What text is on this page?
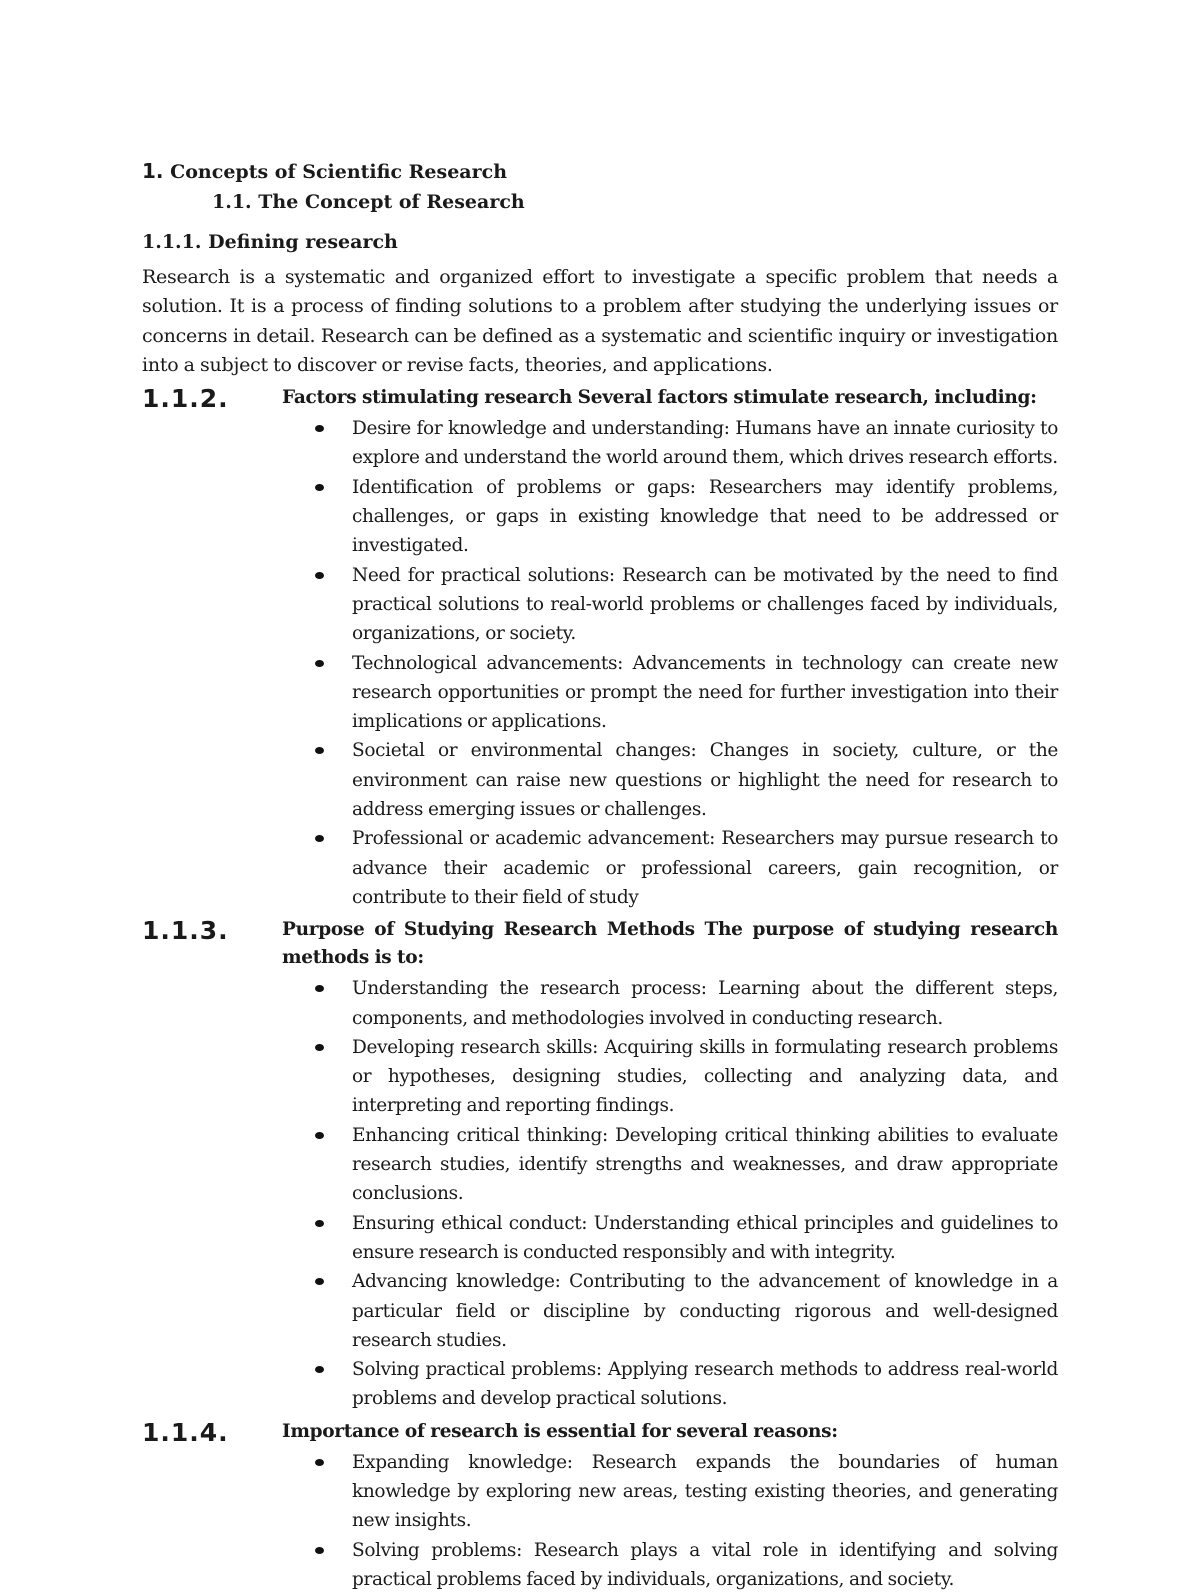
1. Concepts of Scientific Research

1.1. The Concept of Research

1.1.1. Defining research

Research is a systematic and organized effort to investigate a specific problem that needs a solution. It is a process of finding solutions to a problem after studying the underlying issues or concerns in detail. Research can be defined as a systematic and scientific inquiry or investigation into a subject to discover or revise facts, theories, and applications.

1.1.2.	Factors stimulating research Several factors stimulate research, including:
Desire for knowledge and understanding: Humans have an innate curiosity to explore and understand the world around them, which drives research efforts.
Identification of problems or gaps: Researchers may identify problems, challenges, or gaps in existing knowledge that need to be addressed or investigated.
Need for practical solutions: Research can be motivated by the need to find practical solutions to real-world problems or challenges faced by individuals, organizations, or society.
Technological advancements: Advancements in technology can create new research opportunities or prompt the need for further investigation into their implications or applications.
Societal or environmental changes: Changes in society, culture, or the environment can raise new questions or highlight the need for research to address emerging issues or challenges.
Professional or academic advancement: Researchers may pursue research to advance their academic or professional careers, gain recognition, or contribute to their field of study
1.1.3.	Purpose of Studying Research Methods The purpose of studying research methods is to:
Understanding the research process: Learning about the different steps, components, and methodologies involved in conducting research.
Developing research skills: Acquiring skills in formulating research problems or hypotheses, designing studies, collecting and analyzing data, and interpreting and reporting findings.
Enhancing critical thinking: Developing critical thinking abilities to evaluate research studies, identify strengths and weaknesses, and draw appropriate conclusions.
Ensuring ethical conduct: Understanding ethical principles and guidelines to ensure research is conducted responsibly and with integrity.
Advancing knowledge: Contributing to the advancement of knowledge in a particular field or discipline by conducting rigorous and well-designed research studies.
Solving practical problems: Applying research methods to address real-world problems and develop practical solutions.
1.1.4.	Importance of research is essential for several reasons:
Expanding knowledge: Research expands the boundaries of human knowledge by exploring new areas, testing existing theories, and generating new insights.
Solving problems: Research plays a vital role in identifying and solving practical problems faced by individuals, organizations, and society.
